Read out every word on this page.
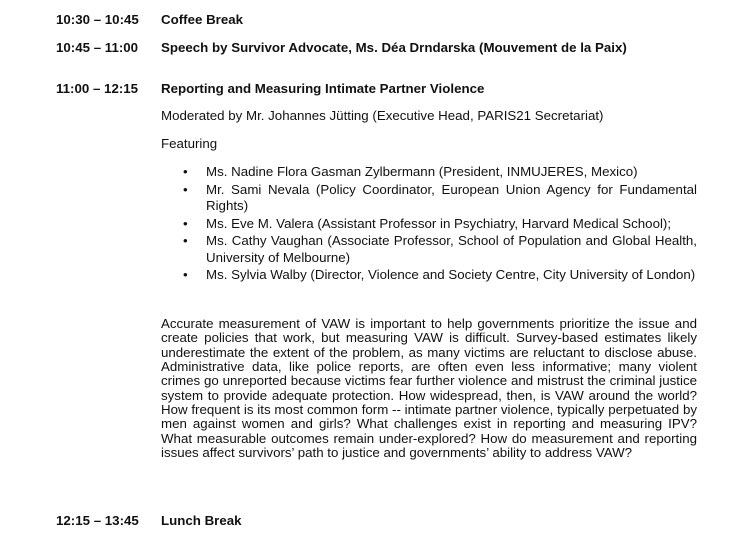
10:30 – 10:45 Coffee Break
10:45 – 11:00 Speech by Survivor Advocate, Ms. Déa Drndarska (Mouvement de la Paix)
11:00 – 12:15 Reporting and Measuring Intimate Partner Violence
Moderated by Mr. Johannes Jütting (Executive Head, PARIS21 Secretariat)
Featuring
• Ms. Nadine Flora Gasman Zylbermann (President, INMUJERES, Mexico)
• Mr. Sami Nevala (Policy Coordinator, European Union Agency for Fundamental Rights)
• Ms. Eve M. Valera (Assistant Professor in Psychiatry, Harvard Medical School);
• Ms. Cathy Vaughan (Associate Professor, School of Population and Global Health, University of Melbourne)
• Ms. Sylvia Walby (Director, Violence and Society Centre, City University of London)

Accurate measurement of VAW is important to help governments prioritize the issue and create policies that work, but measuring VAW is difficult. Survey-based estimates likely underestimate the extent of the problem, as many victims are reluctant to disclose abuse. Administrative data, like police reports, are often even less informative; many violent crimes go unreported because victims fear further violence and mistrust the criminal justice system to provide adequate protection. How widespread, then, is VAW around the world? How frequent is its most common form -- intimate partner violence, typically perpetuated by men against women and girls? What challenges exist in reporting and measuring IPV? What measurable outcomes remain under-explored? How do measurement and reporting issues affect survivors’ path to justice and governments’ ability to address VAW?

12:15 – 13:45 Lunch Break
